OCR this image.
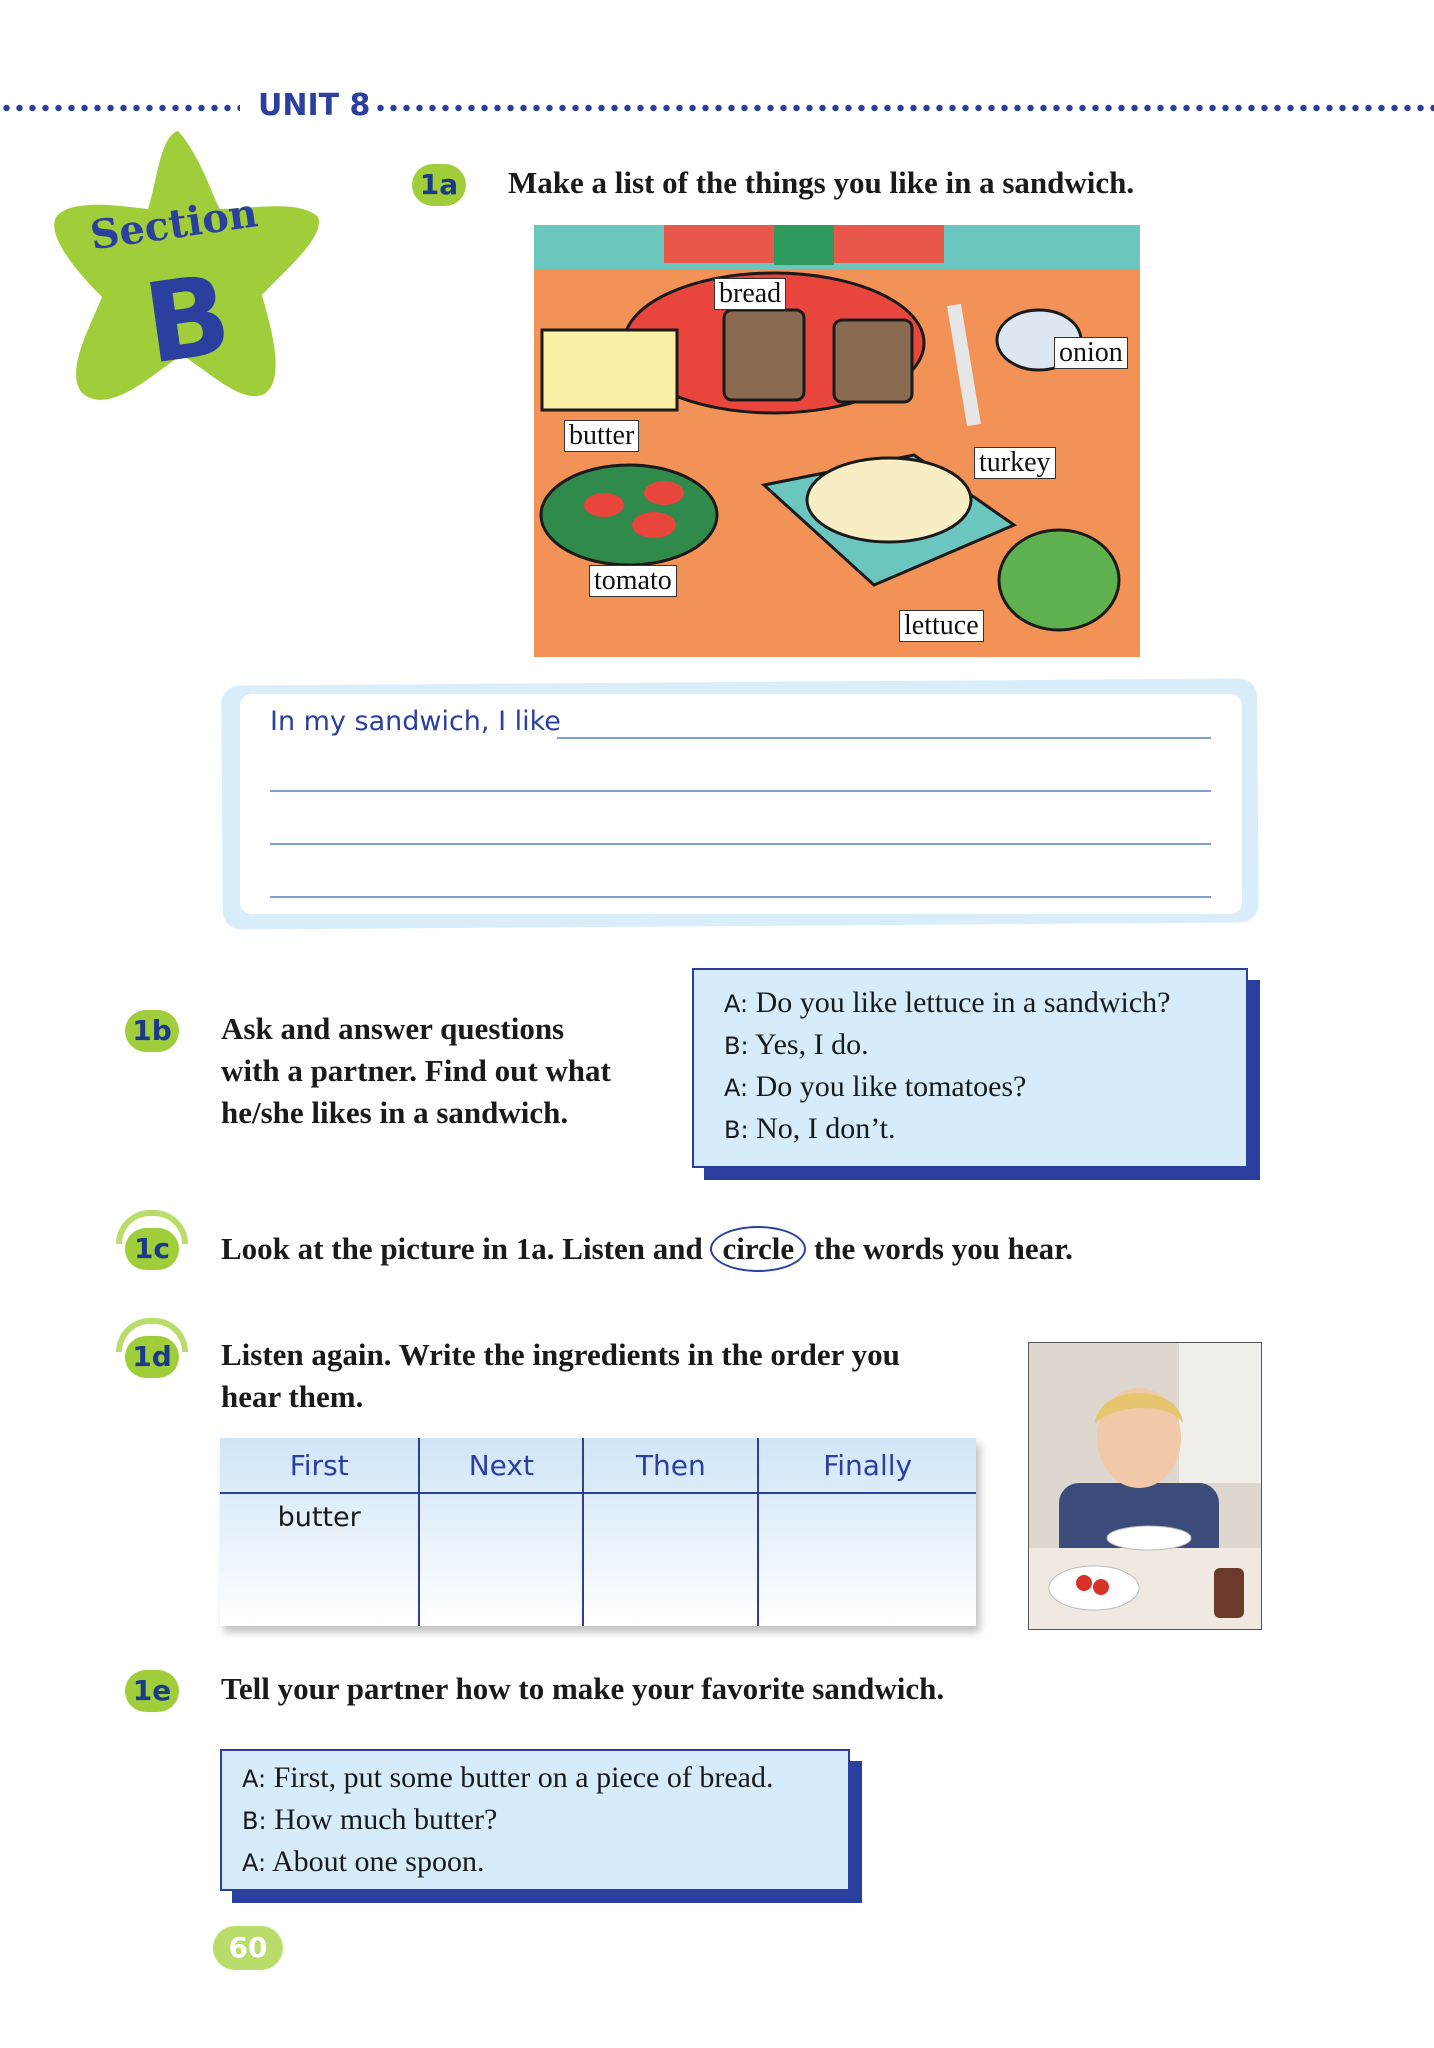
UNIT 8
Section
B
1a Make a list of the things you like in a sandwich.
bread
onion
butter
turkey
tomato
lettuce
In my sandwich, I like
1b Ask and answer questions
with a partner. Find out what
he/she likes in a sandwich.
A: Do you like lettuce in a sandwich?
B: Yes, I do.
A: Do you like tomatoes?
B: No, I don’t.
1c Look at the picture in 1a. Listen and circle the words you hear.
1d Listen again. Write the ingredients in the order you
hear them.
First	Next	Then	Finally
butter			
1e Tell your partner how to make your favorite sandwich.
A: First, put some butter on a piece of bread.
B: How much butter?
A: About one spoon.
60
